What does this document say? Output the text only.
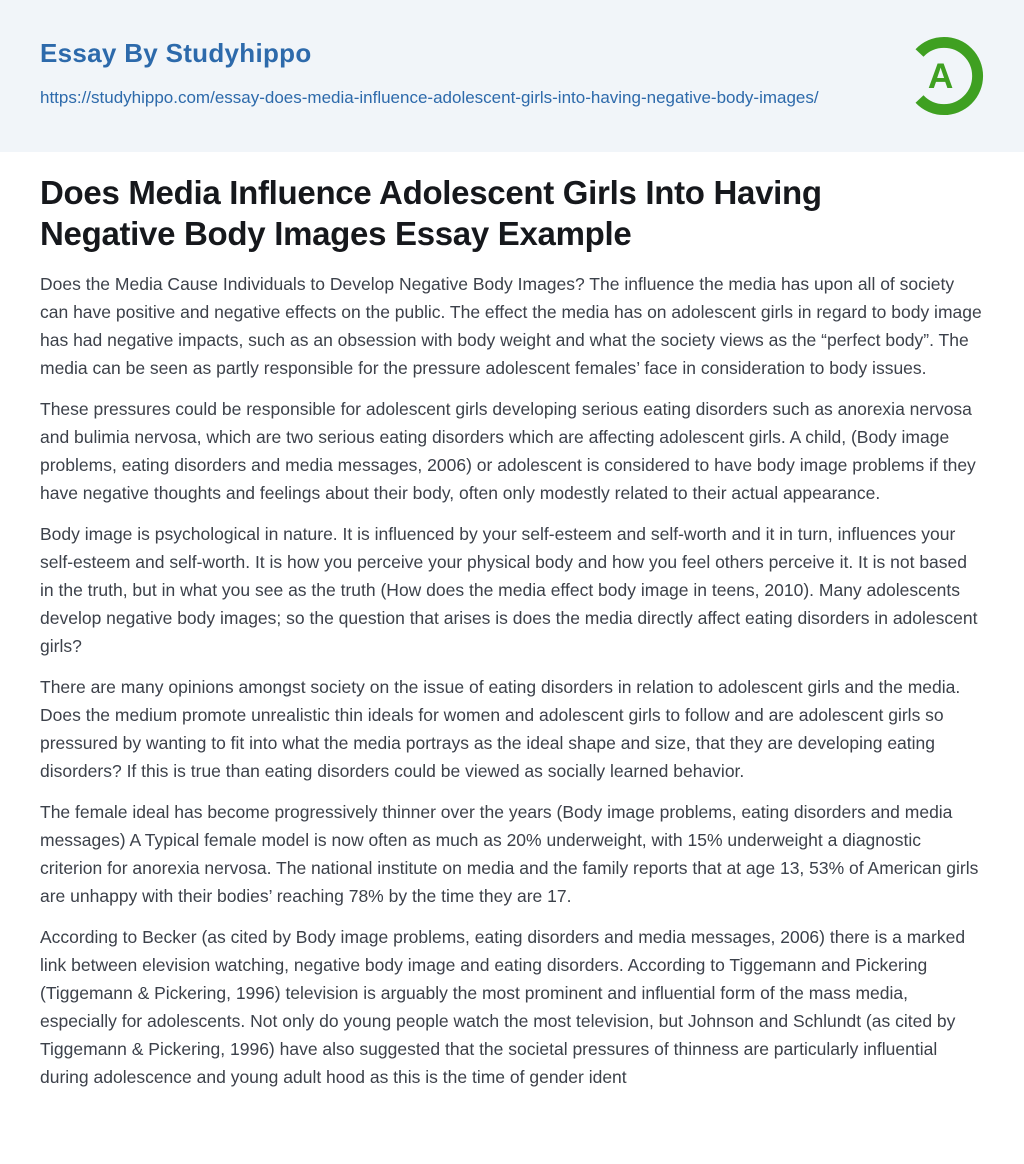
Essay By Studyhippo
https://studyhippo.com/essay-does-media-influence-adolescent-girls-into-having-negative-body-images/
A
Does Media Influence Adolescent Girls Into Having Negative Body Images Essay Example

Does the Media Cause Individuals to Develop Negative Body Images? The influence the media has upon all of society can have positive and negative effects on the public. The effect the media has on adolescent girls in regard to body image has had negative impacts, such as an obsession with body weight and what the society views as the “perfect body”. The media can be seen as partly responsible for the pressure adolescent females’ face in consideration to body issues.

These pressures could be responsible for adolescent girls developing serious eating disorders such as anorexia nervosa and bulimia nervosa, which are two serious eating disorders which are affecting adolescent girls. A child, (Body image problems, eating disorders and media messages, 2006) or adolescent is considered to have body image problems if they have negative thoughts and feelings about their body, often only modestly related to their actual appearance.

Body image is psychological in nature. It is influenced by your self-esteem and self-worth and it in turn, influences your self-esteem and self-worth. It is how you perceive your physical body and how you feel others perceive it. It is not based in the truth, but in what you see as the truth (How does the media effect body image in teens, 2010). Many adolescents develop negative body images; so the question that arises is does the media directly affect eating disorders in adolescent girls?

There are many opinions amongst society on the issue of eating disorders in relation to adolescent girls and the media. Does the medium promote unrealistic thin ideals for women and adolescent girls to follow and are adolescent girls so pressured by wanting to fit into what the media portrays as the ideal shape and size, that they are developing eating disorders? If this is true than eating disorders could be viewed as socially learned behavior.

The female ideal has become progressively thinner over the years (Body image problems, eating disorders and media messages) A Typical female model is now often as much as 20% underweight, with 15% underweight a diagnostic criterion for anorexia nervosa. The national institute on media and the family reports that at age 13, 53% of American girls are unhappy with their bodies’ reaching 78% by the time they are 17.

According to Becker (as cited by Body image problems, eating disorders and media messages, 2006) there is a marked link between elevision watching, negative body image and eating disorders. According to Tiggemann and Pickering (Tiggemann & Pickering, 1996) television is arguably the most prominent and influential form of the mass media, especially for adolescents. Not only do young people watch the most television, but Johnson and Schlundt (as cited by Tiggemann & Pickering, 1996) have also suggested that the societal pressures of thinness are particularly influential during adolescence and young adult hood as this is the time of gender ident
